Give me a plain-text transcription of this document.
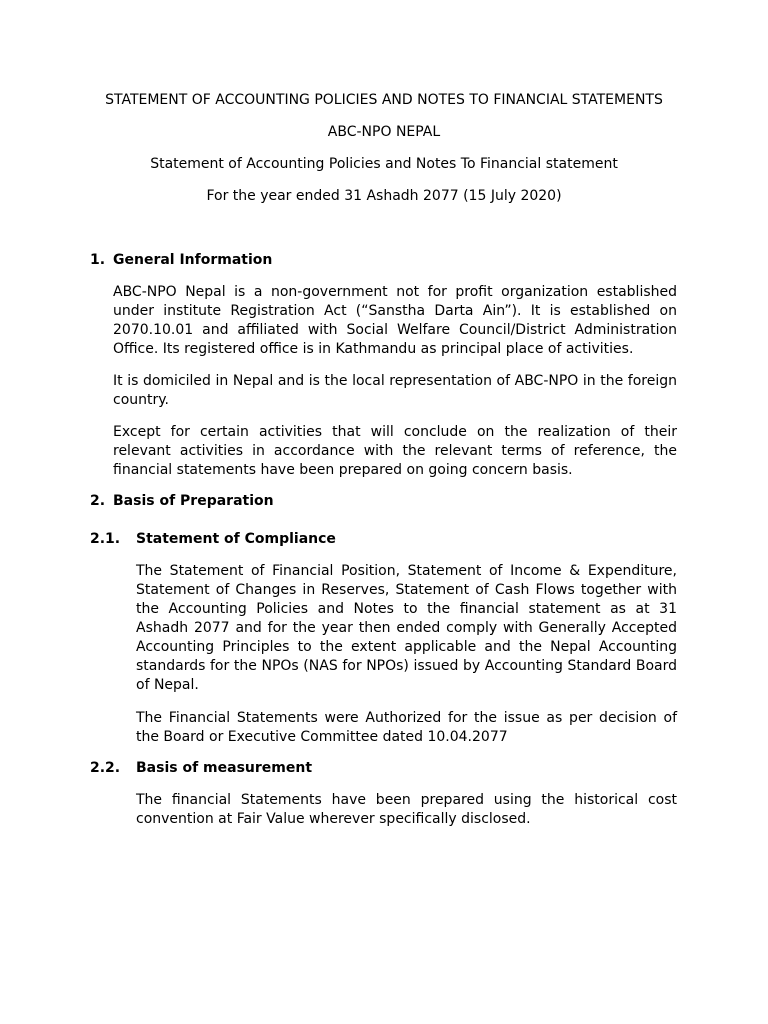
STATEMENT OF ACCOUNTING POLICIES AND NOTES TO FINANCIAL STATEMENTS
ABC-NPO NEPAL
Statement of Accounting Policies and Notes To Financial statement
For the year ended 31 Ashadh 2077 (15 July 2020)
1. General Information
ABC-NPO Nepal is a non-government not for profit organization established under institute Registration Act (“Sanstha Darta Ain”). It is established on 2070.10.01 and affiliated with Social Welfare Council/District Administration Office. Its registered office is in Kathmandu as principal place of activities.
It is domiciled in Nepal and is the local representation of ABC-NPO in the foreign country.
Except for certain activities that will conclude on the realization of their relevant activities in accordance with the relevant terms of reference, the financial statements have been prepared on going concern basis.
2. Basis of Preparation
2.1. Statement of Compliance
The Statement of Financial Position, Statement of Income & Expenditure, Statement of Changes in Reserves, Statement of Cash Flows together with the Accounting Policies and Notes to the financial statement as at 31 Ashadh 2077 and for the year then ended comply with Generally Accepted Accounting Principles to the extent applicable and the Nepal Accounting standards for the NPOs (NAS for NPOs) issued by Accounting Standard Board of Nepal.
The Financial Statements were Authorized for the issue as per decision of the Board or Executive Committee dated 10.04.2077
2.2. Basis of measurement
The financial Statements have been prepared using the historical cost convention at Fair Value wherever specifically disclosed.
